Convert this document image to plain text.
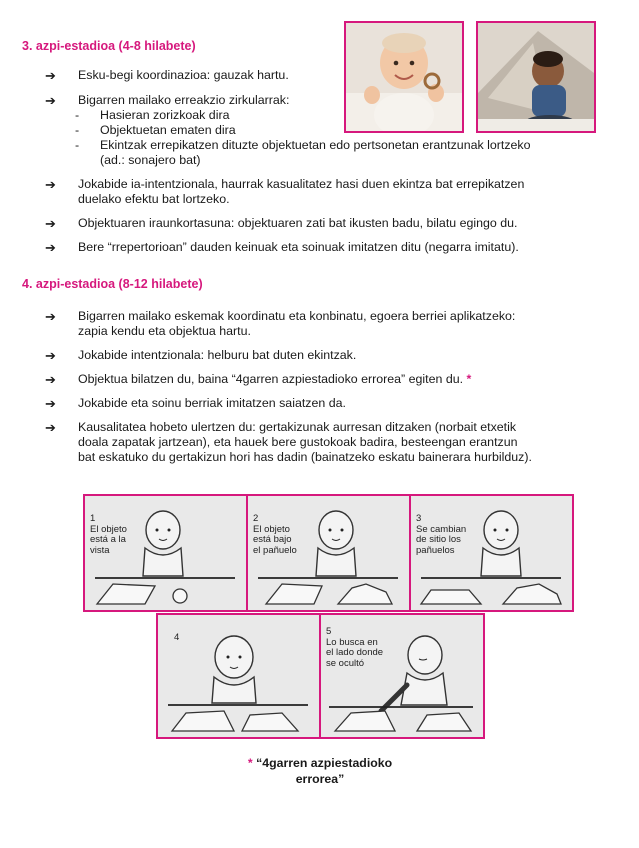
3. azpi-estadioa (4-8 hilabete)
➔ Esku-begi koordinazioa: gauzak hartu.
➔ Bigarren mailako erreakzio zirkularrak:
- Hasieran zorizkoak dira
- Objektuetan ematen dira
- Ekintzak errepikatzen dituzte objektuetan edo pertsonetan erantzunak lortzeko
(ad.: sonajero bat)
➔ Jokabide ia-intentzionala, haurrak kasualitatez hasi duen ekintza bat errepikatzen
duelako efektu bat lortzeko.
➔ Objektuaren iraunkortasuna: objektuaren zati bat ikusten badu, bilatu egingo du.
➔ Bere “rrepertorioan” dauden keinuak eta soinuak imitatzen ditu (negarra imitatu).
4. azpi-estadioa (8-12 hilabete)
➔ Bigarren mailako eskemak koordinatu eta konbinatu, egoera berriei aplikatzeko:
zapia kendu eta objektua hartu.
➔ Jokabide intentzionala: helburu bat duten ekintzak.
➔ Objektua bilatzen du, baina “4garren azpiestadioko errorea” egiten du. *
➔ Jokabide eta soinu berriak imitatzen saiatzen da.
➔ Kausalitatea hobeto ulertzen du: gertakizunak aurresan ditzaken (norbait etxetik
doala zapatak jartzean), eta hauek bere gustokoak badira, besteengan erantzun
bat eskatuko du gertakizun hori has dadin (bainatzeko eskatu bainerara hurbilduz).
1
El objeto
está a la
vista
2
El objeto
está bajo
el pañuelo
3
Se cambian
de sitio los
pañuelos
4
5
Lo busca en
el lado donde
se ocultó
* “4garren azpiestadioko
errorea”
